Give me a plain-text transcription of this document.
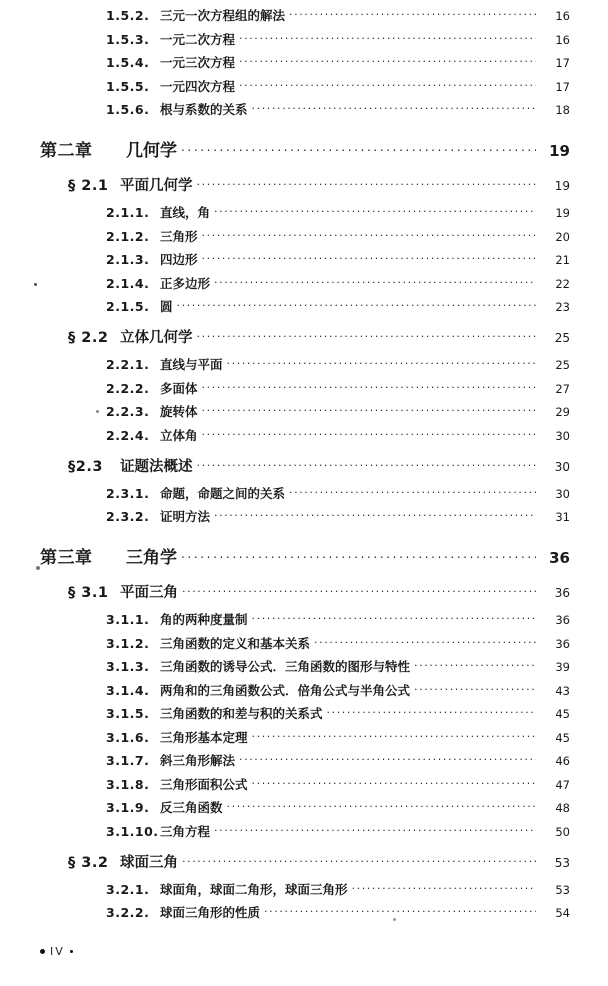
1.5.2. 三元一次方程组的解法 .....	16
1.5.3. 一元二次方程 .....	16
1.5.4. 一元三次方程 .....	17
1.5.5. 一元四次方程 .....	17
1.5.6. 根与系数的关系 .....	18
第二章	几何学 .....	19
§ 2.1 平面几何学 .....	19
2.1.1. 直线，角 .....	19
2.1.2. 三角形 .....	20
2.1.3. 四边形 .....	21
2.1.4. 正多边形 .....	22
2.1.5. 圆 .....	23
§ 2.2 立体几何学 .....	25
2.2.1. 直线与平面 .....	25
2.2.2. 多面体 .....	27
2.2.3. 旋转体 .....	29
2.2.4. 立体角 .....	30
§2.3	证题法概述 .....	30
2.3.1. 命题，命题之间的关系 .....	30
2.3.2. 证明方法 .....	31
第三章	三角学 .....	36
§ 3.1 平面三角 .....	36
3.1.1. 角的两种度量制 .....	36
3.1.2. 三角函数的定义和基本关系 .....	36
3.1.3. 三角函数的诱导公式．三角函数的图形与特性 .....	39
3.1.4. 两角和的三角函数公式．倍角公式与半角公式 .....	43
3.1.5. 三角函数的和差与积的关系式 .....	45
3.1.6. 三角形基本定理 .....	45
3.1.7. 斜三角形解法 .....	46
3.1.8. 三角形面积公式 .....	47
3.1.9. 反三角函数 .....	48
3.1.10. 三角方程 .....	50
§ 3.2 球面三角 .....	53
3.2.1. 球面角，球面二角形，球面三角形 .....	53
3.2.2. 球面三角形的性质 .....	54
IV
